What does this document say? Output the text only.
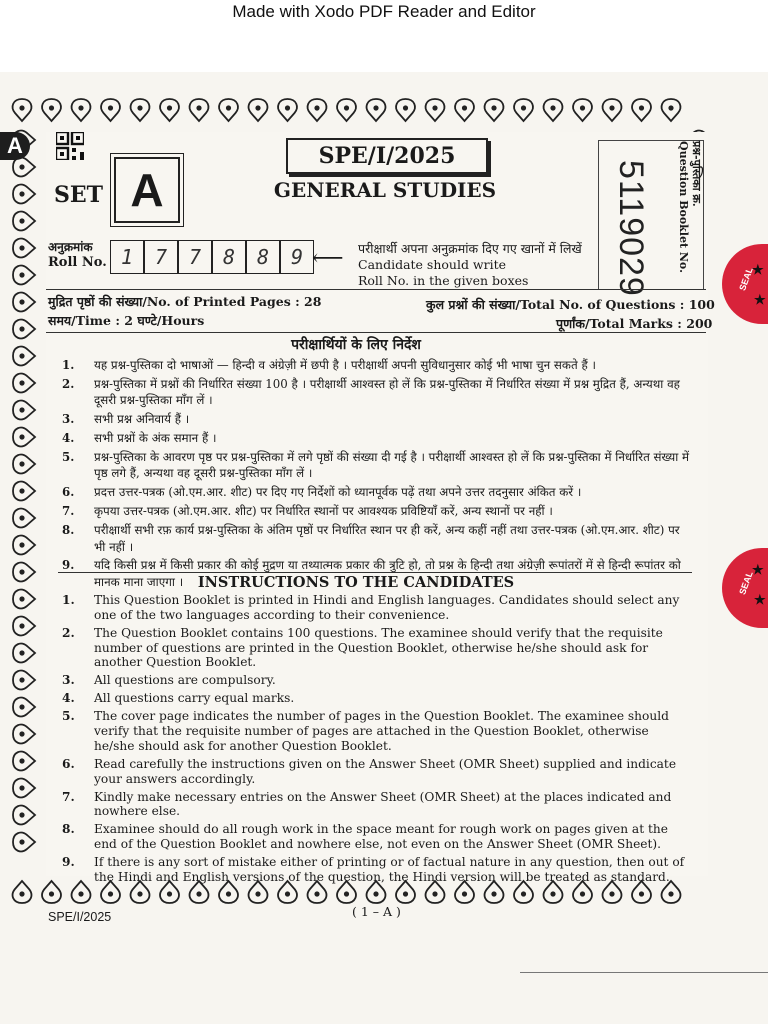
Made with Xodo PDF Reader and Editor
A	SPE/I/2025
GENERAL STUDIES
SET A	प्रश्न-पुस्तिका क्र.
Question Booklet No.
5119029
अनुक्रमांक
Roll No. 1	7	7	8	8	9 ⟵ परीक्षार्थी अपना अनुक्रमांक दिए गए खानों में लिखें
Candidate should write
Roll No. in the given boxes
मुद्रित पृष्ठों की संख्या/No. of Printed Pages : 28	कुल प्रश्नों की संख्या/Total No. of Questions : 100
समय/Time : 2 घण्टे/Hours	पूर्णांक/Total Marks : 200
परीक्षार्थियों के लिए निर्देश
1. यह प्रश्न-पुस्तिका दो भाषाओं — हिन्दी व अंग्रेज़ी में छपी है । परीक्षार्थी अपनी सुविधानुसार कोई भी भाषा चुन सकते हैं ।
2. प्रश्न-पुस्तिका में प्रश्नों की निर्धारित संख्या 100 है । परीक्षार्थी आश्वस्त हो लें कि प्रश्न-पुस्तिका में निर्धारित संख्या में प्रश्न मुद्रित हैं, अन्यथा वह दूसरी प्रश्न-पुस्तिका माँग लें ।
3. सभी प्रश्न अनिवार्य हैं ।
4. सभी प्रश्नों के अंक समान हैं ।
5. प्रश्न-पुस्तिका के आवरण पृष्ठ पर प्रश्न-पुस्तिका में लगे पृष्ठों की संख्या दी गई है । परीक्षार्थी आश्वस्त हो लें कि प्रश्न-पुस्तिका में निर्धारित संख्या में पृष्ठ लगे हैं, अन्यथा वह दूसरी प्रश्न-पुस्तिका माँग लें ।
6. प्रदत्त उत्तर-पत्रक (ओ.एम.आर. शीट) पर दिए गए निर्देशों को ध्यानपूर्वक पढ़ें तथा अपने उत्तर तदनुसार अंकित करें ।
7. कृपया उत्तर-पत्रक (ओ.एम.आर. शीट) पर निर्धारित स्थानों पर आवश्यक प्रविष्टियाँ करें, अन्य स्थानों पर नहीं ।
8. परीक्षार्थी सभी रफ़ कार्य प्रश्न-पुस्तिका के अंतिम पृष्ठों पर निर्धारित स्थान पर ही करें, अन्य कहीं नहीं तथा उत्तर-पत्रक (ओ.एम.आर. शीट) पर भी नहीं ।
9. यदि किसी प्रश्न में किसी प्रकार की कोई मुद्रण या तथ्यात्मक प्रकार की त्रुटि हो, तो प्रश्न के हिन्दी तथा अंग्रेज़ी रूपांतरों में से हिन्दी रूपांतर को मानक माना जाएगा ।	INSTRUCTIONS TO THE CANDIDATES
1. This Question Booklet is printed in Hindi and English languages. Candidates should select any one of the two languages according to their convenience.
2. The Question Booklet contains 100 questions. The examinee should verify that the requisite number of questions are printed in the Question Booklet, otherwise he/she should ask for another Question Booklet.
3. All questions are compulsory.
4. All questions carry equal marks.
5. The cover page indicates the number of pages in the Question Booklet. The examinee should verify that the requisite number of pages are attached in the Question Booklet, otherwise he/she should ask for another Question Booklet.
6. Read carefully the instructions given on the Answer Sheet (OMR Sheet) supplied and indicate your answers accordingly.
7. Kindly make necessary entries on the Answer Sheet (OMR Sheet) at the places indicated and nowhere else.
8. Examinee should do all rough work in the space meant for rough work on pages given at the end of the Question Booklet and nowhere else, not even on the Answer Sheet (OMR Sheet).
9. If there is any sort of mistake either of printing or of factual nature in any question, then out of the Hindi and English versions of the question, the Hindi version will be treated as standard.
SPE/I/2025	( 1 – A )
SEAL
★
★
SEAL
★
★
